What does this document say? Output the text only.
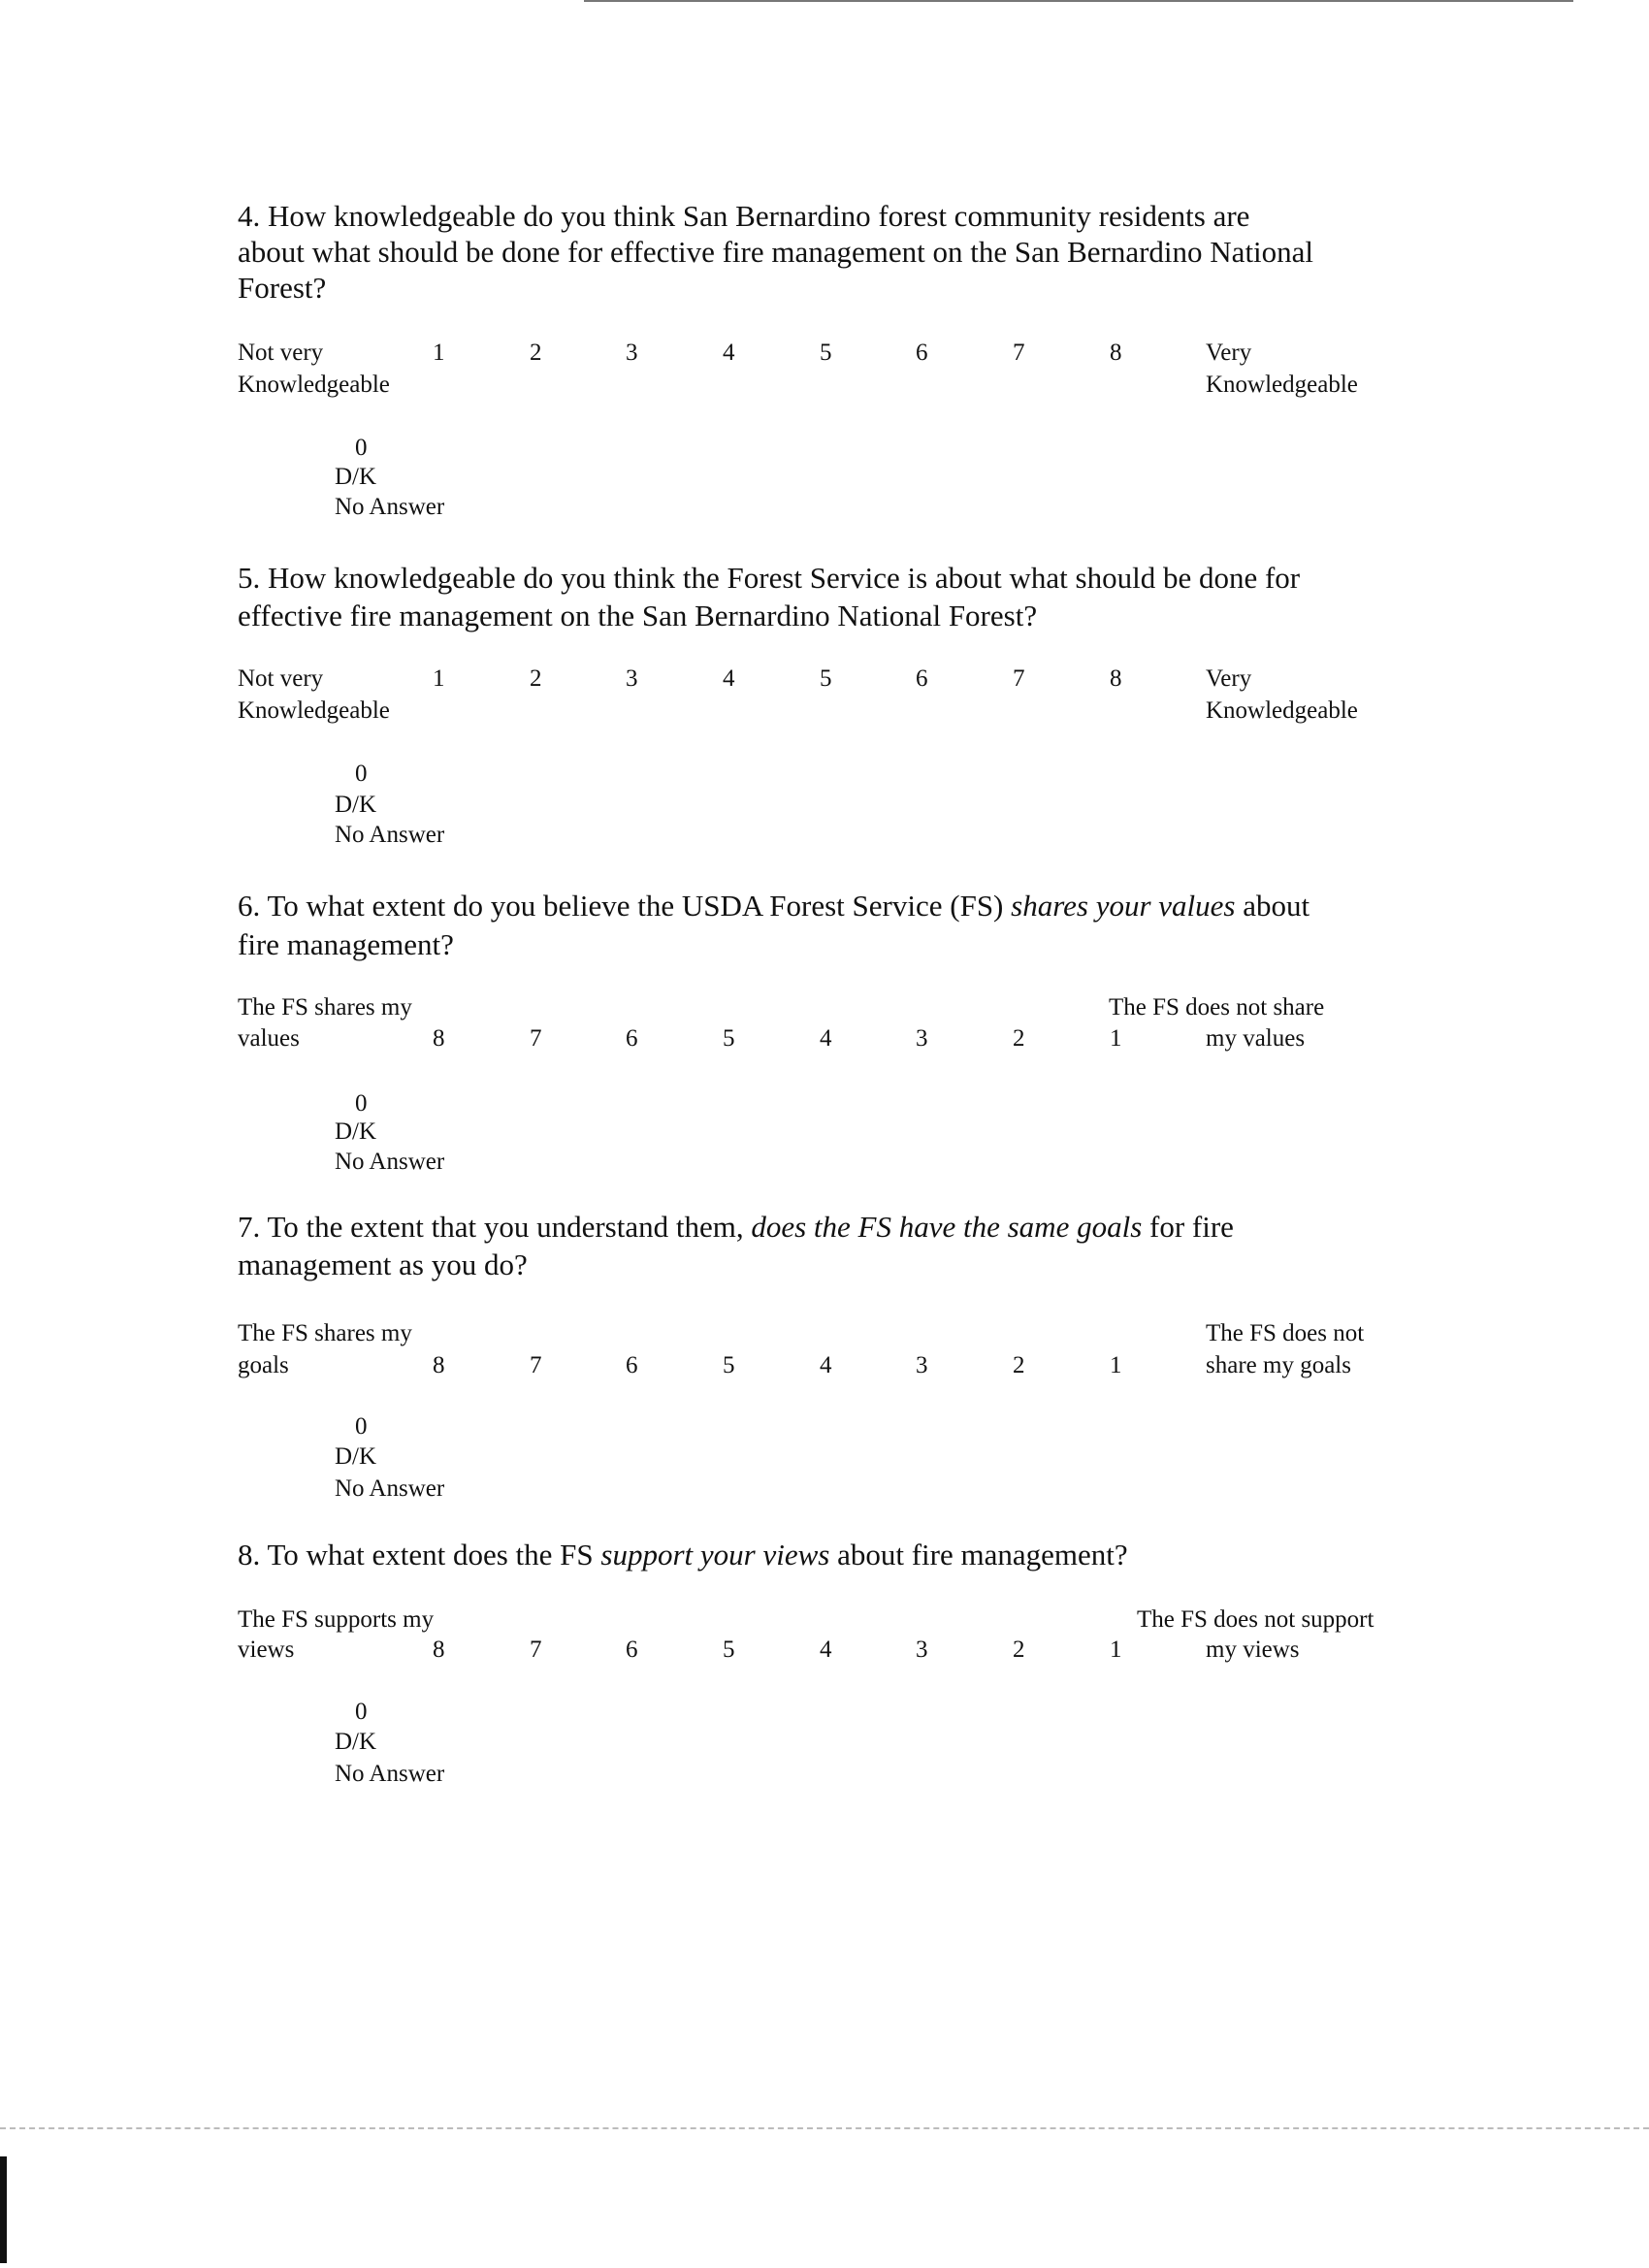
4. How knowledgeable do you think San Bernardino forest community residents are
about what should be done for effective fire management on the San Bernardino National
Forest?
Not very
Knowledgeable
Very
Knowledgeable
1	2	3	4	5	6	7	8
0
D/K
No Answer
5. How knowledgeable do you think the Forest Service is about what should be done for
effective fire management on the San Bernardino National Forest?
Not very
Knowledgeable
Very
Knowledgeable
1	2	3	4	5	6	7	8
0
D/K
No Answer
6. To what extent do you believe the USDA Forest Service (FS) shares your values about
fire management?
The FS shares my
values
The FS does not share
my values
8	7	6	5	4	3	2	1
0
D/K
No Answer
7. To the extent that you understand them, does the FS have the same goals for fire
management as you do?
The FS shares my
goals
The FS does not
share my goals
8	7	6	5	4	3	2	1
0
D/K
No Answer
8. To what extent does the FS support your views about fire management?
The FS supports my
views
The FS does not support
my views
8	7	6	5	4	3	2	1
0
D/K
No Answer
